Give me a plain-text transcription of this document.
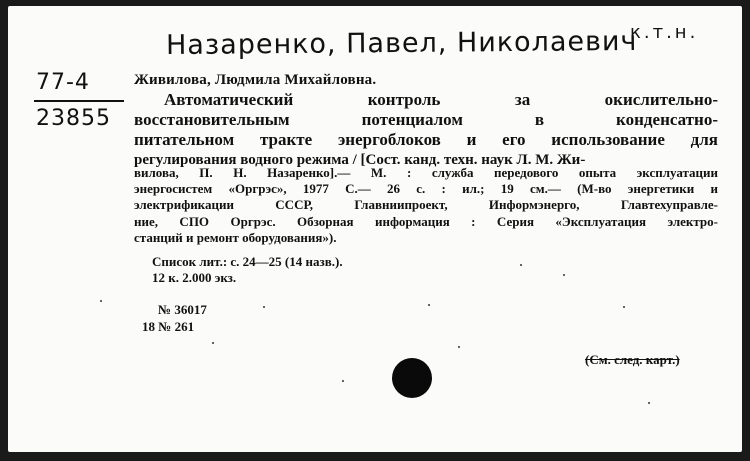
Назаренко, Павел, Николаевич
к.т.н.
77-4
23855
Живилова, Людмила Михайловна.
Автоматический контроль за окислительно-
восстановительным потенциалом в конденсатно-
питательном тракте энергоблоков и его использование для
регулирования водного режима / [Сост. канд. техн. наук Л. М. Жи-
вилова, П. Н. Назаренко].— М. : служба передового опыта эксплуатации
энергосистем «Оргрэс», 1977 С.— 26 с. : ил.; 19 см.— (М-во энергетики и
электрификации СССР, Главниипроект, Информэнерго, Главтехуправле-
ние, СПО Оргрэс. Обзорная информация : Серия «Эксплуатация электро-
станций и ремонт оборудования»).
Список лит.: с. 24—25 (14 назв.).
12 к. 2.000 экз.
№ 36017
18 № 261
(См. след. карт.)
